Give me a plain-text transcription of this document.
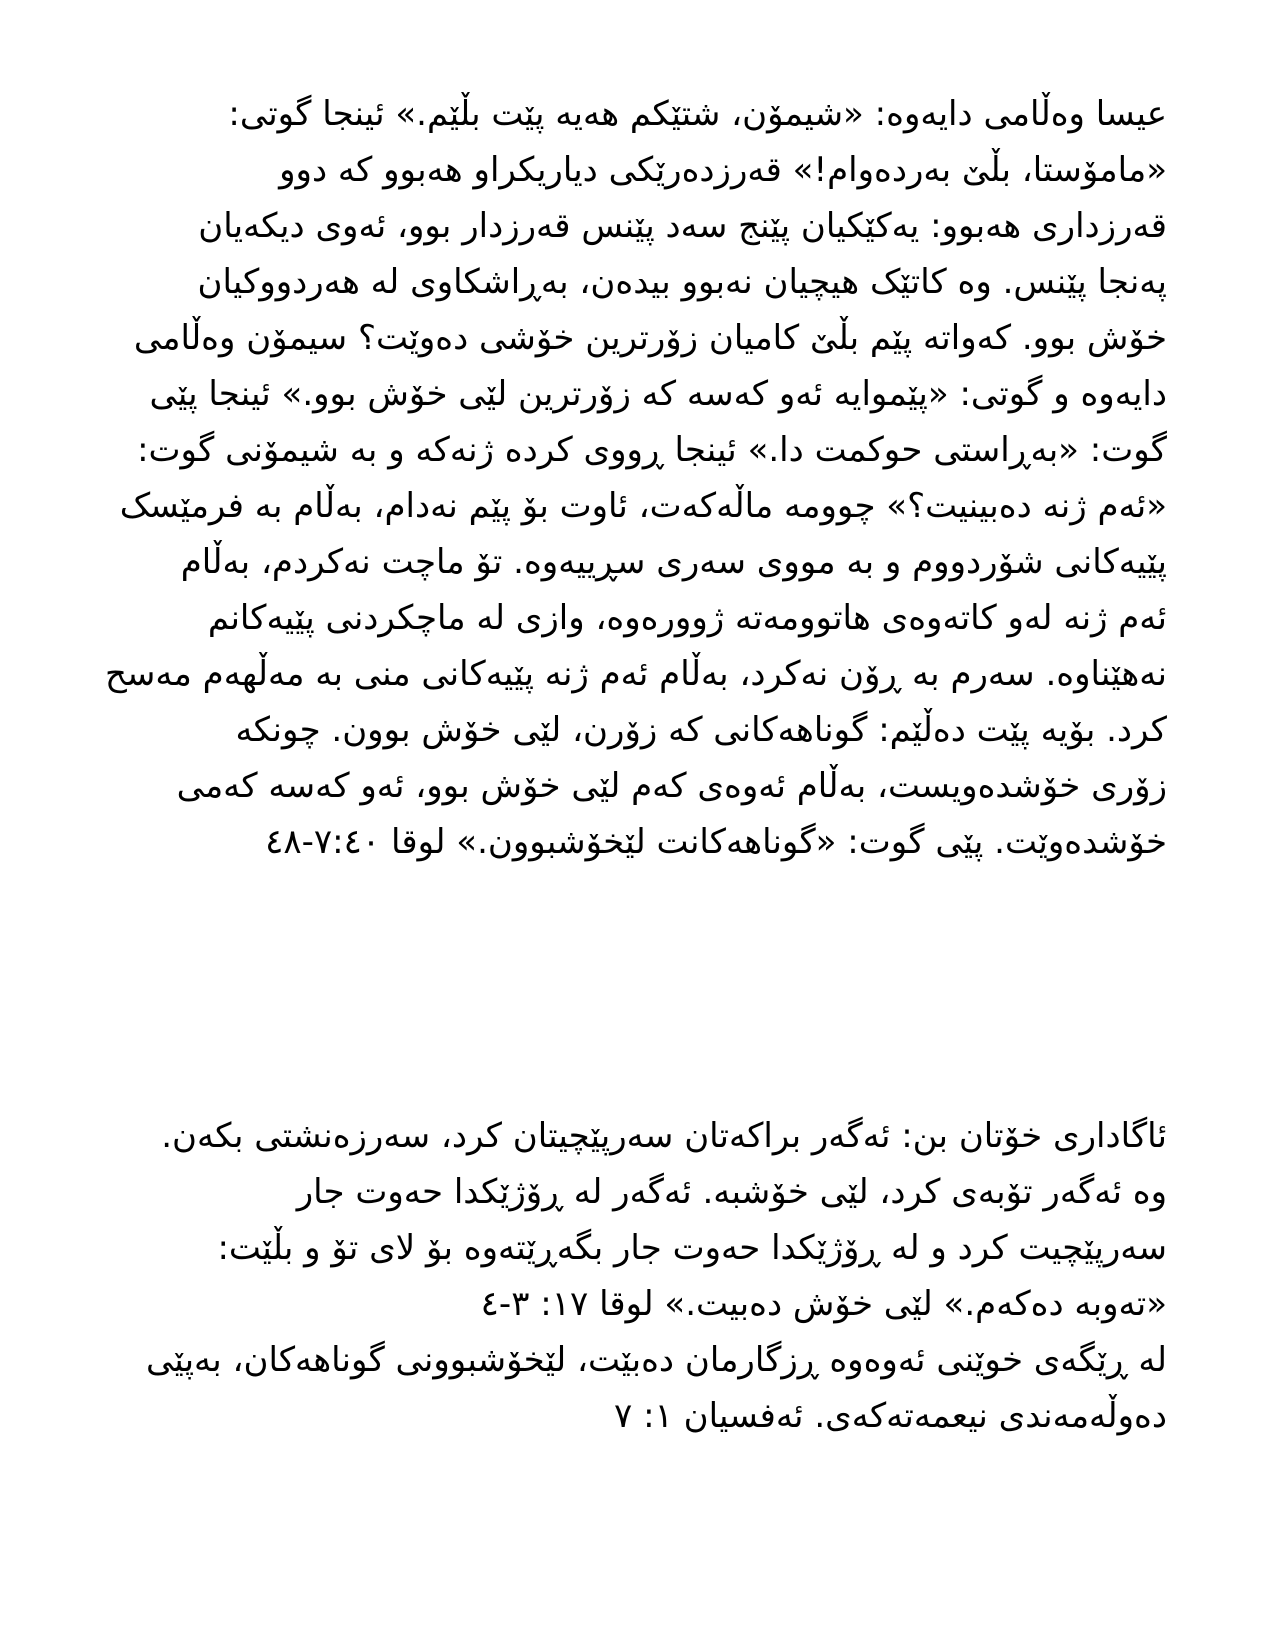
عیسا وەڵامی دایەوە: «شیمۆن، شتێکم هەیە پێت بڵێم.» ئینجا گوتی:
«مامۆستا، بڵێ بەردەوام!» قەرزدەرێکی دیاریکراو هەبوو کە دوو
قەرزداری هەبوو: یەکێکیان پێنج سەد پێنس قەرزدار بوو، ئەوی دیکەیان
پەنجا پێنس. وە کاتێک هیچیان نەبوو بیدەن، بەڕاشکاوی لە هەردووکیان
خۆش بوو. کەواتە پێم بڵێ کامیان زۆرترین خۆشی دەوێت؟ سیمۆن وەڵامی
دایەوە و گوتی: «پێموایە ئەو کەسە کە زۆرترین لێی خۆش بوو.» ئینجا پێی
گوت: «بەڕاستی حوکمت دا.» ئینجا ڕووی کردە ژنەکە و بە شیمۆنی گوت:
«ئەم ژنە دەبینیت؟» چوومە ماڵەکەت، ئاوت بۆ پێم نەدام، بەڵام بە فرمێسک
پێیەکانی شۆردووم و بە مووی سەری سڕییەوە. تۆ ماچت نەکردم، بەڵام
ئەم ژنە لەو کاتەوەی هاتوومەتە ژوورەوە، وازی لە ماچکردنی پێیەکانم
نەهێناوە. سەرم بە ڕۆن نەکرد، بەڵام ئەم ژنە پێیەکانی منی بە مەڵهەم مەسح
کرد. بۆیە پێت دەڵێم: گوناهەکانی کە زۆرن، لێی خۆش بوون. چونکە
زۆری خۆشدەویست، بەڵام ئەوەی کەم لێی خۆش بوو، ئەو کەسە کەمی
خۆشدەوێت. پێی گوت: «گوناهەکانت لێخۆشبوون.» لوقا ٧:٤٠-٤٨
ئاگاداری خۆتان بن: ئەگەر براکەتان سەرپێچیتان کرد، سەرزەنشتی بکەن.
وە ئەگەر تۆبەی کرد، لێی خۆشبە. ئەگەر لە ڕۆژێکدا حەوت جار
سەرپێچیت کرد و لە ڕۆژێکدا حەوت جار بگەڕێتەوە بۆ لای تۆ و بڵێت:
«تەوبە دەکەم.» لێی خۆش دەبیت.» لوقا ١٧: ٣-٤
لە ڕێگەی خوێنی ئەوەوە ڕزگارمان دەبێت، لێخۆشبوونی گوناهەکان، بەپێی
دەوڵەمەندی نیعمەتەکەی. ئەفسیان ١: ٧
